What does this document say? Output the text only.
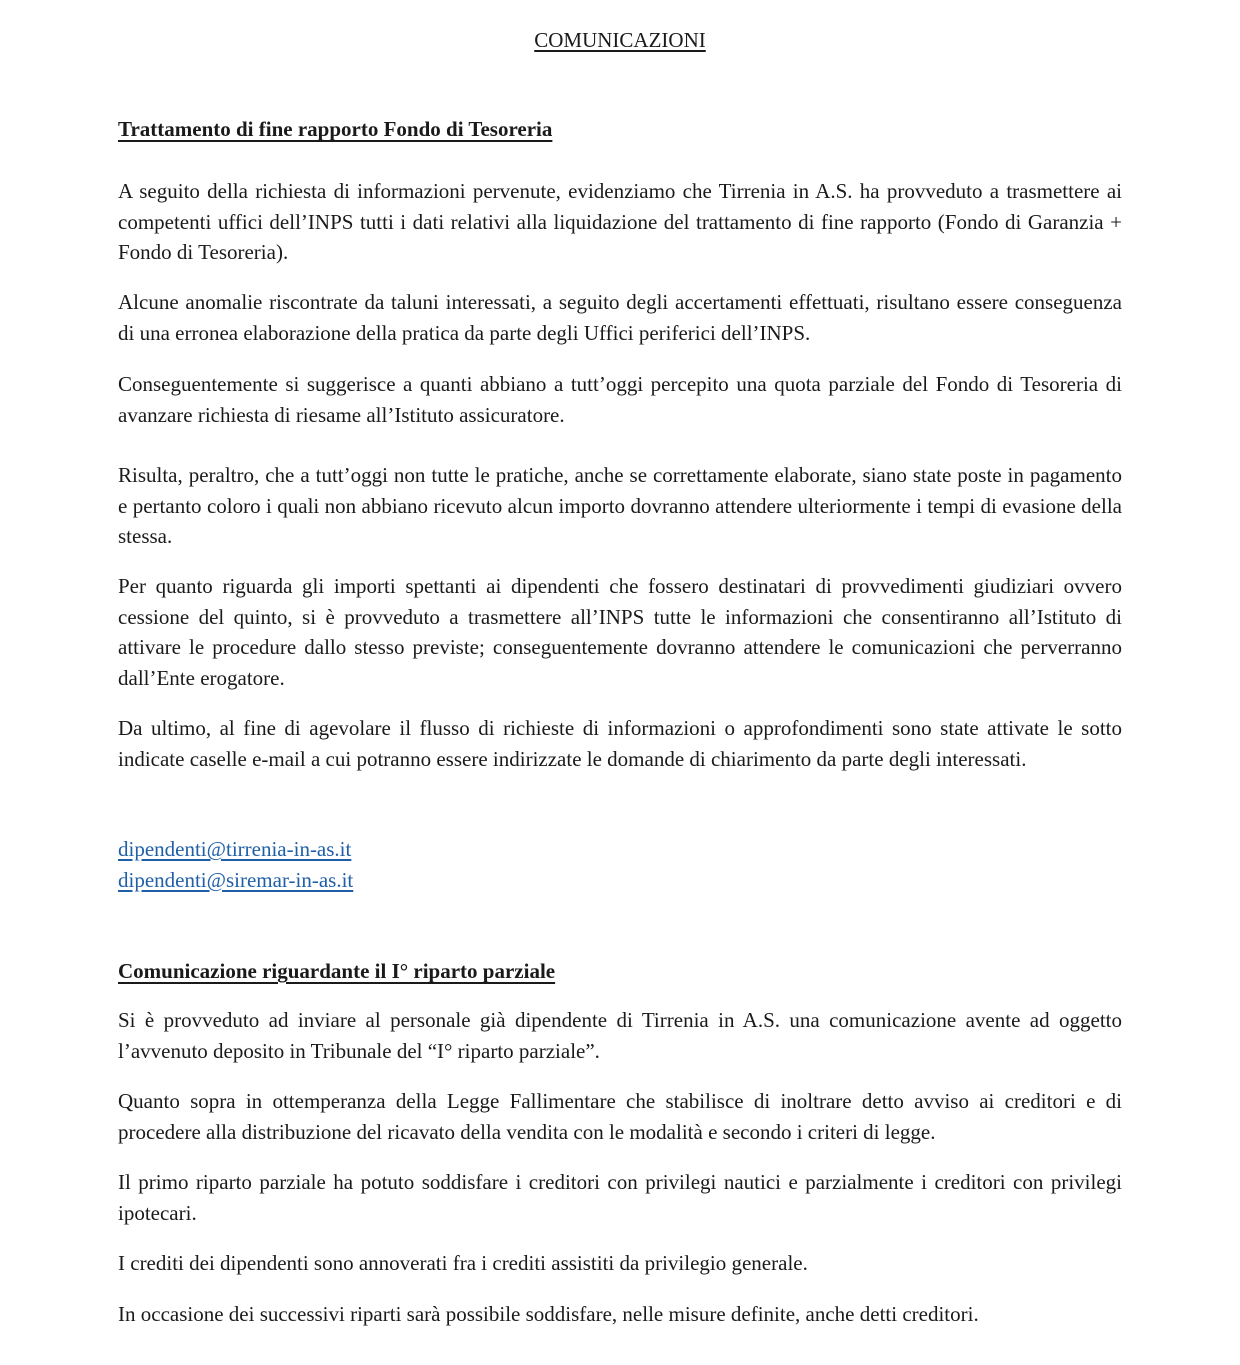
COMUNICAZIONI
Trattamento di fine rapporto Fondo di Tesoreria

A seguito della richiesta di informazioni pervenute, evidenziamo che Tirrenia in A.S. ha provveduto a trasmettere ai competenti uffici dell’INPS tutti i dati relativi alla liquidazione del trattamento di fine rapporto (Fondo di Garanzia + Fondo di Tesoreria).

Alcune anomalie riscontrate da taluni interessati, a seguito degli accertamenti effettuati, risultano essere conseguenza di una erronea elaborazione della pratica da parte degli Uffici periferici dell’INPS.

Conseguentemente si suggerisce a quanti abbiano a tutt’oggi percepito una quota parziale del Fondo di Tesoreria di avanzare richiesta di riesame all’Istituto assicuratore.

Risulta, peraltro, che a tutt’oggi non tutte le pratiche, anche se correttamente elaborate, siano state poste in pagamento e pertanto coloro i quali non abbiano ricevuto alcun importo dovranno attendere ulteriormente i tempi di evasione della stessa.

Per quanto riguarda gli importi spettanti ai dipendenti che fossero destinatari di provvedimenti giudiziari ovvero cessione del quinto, si è provveduto a trasmettere all’INPS tutte le informazioni che consentiranno all’Istituto di attivare le procedure dallo stesso previste; conseguentemente dovranno attendere le comunicazioni che perverranno dall’Ente erogatore.

Da ultimo, al fine di agevolare il flusso di richieste di informazioni o approfondimenti sono state attivate le sotto indicate caselle e-mail a cui potranno essere indirizzate le domande di chiarimento da parte degli interessati.

dipendenti@tirrenia-in-as.it
dipendenti@siremar-in-as.it
Comunicazione riguardante il I° riparto parziale

Si è provveduto ad inviare al personale già dipendente di Tirrenia in A.S. una comunicazione avente ad oggetto l’avvenuto deposito in Tribunale del “I° riparto parziale”.

Quanto sopra in ottemperanza della Legge Fallimentare che stabilisce di inoltrare detto avviso ai creditori e di procedere alla distribuzione del ricavato della vendita con le modalità e secondo i criteri di legge.

Il primo riparto parziale ha potuto soddisfare i creditori con privilegi nautici e parzialmente i creditori con privilegi ipotecari.

I crediti dei dipendenti sono annoverati fra i crediti assistiti da privilegio generale.

In occasione dei successivi riparti sarà possibile soddisfare, nelle misure definite, anche detti creditori.
